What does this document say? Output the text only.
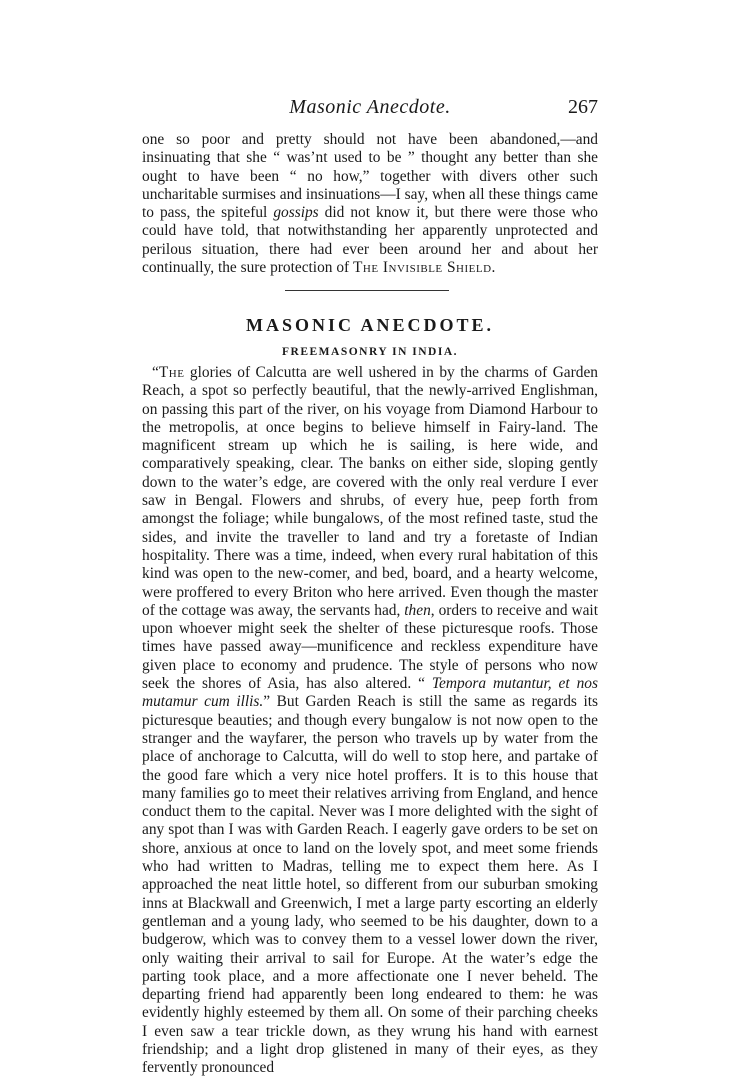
Masonic Anecdote.	267

one so poor and pretty should not have been abandoned,—and insinuating that she “ was’nt used to be ” thought any better than she ought to have been “ no how,” together with divers other such uncharitable surmises and insinuations—I say, when all these things came to pass, the spiteful gossips did not know it, but there were those who could have told, that notwithstanding her apparently unprotected and perilous situation, there had ever been around her and about her continually, the sure protection of The Invisible Shield.

MASONIC ANECDOTE.
FREEMASONRY IN INDIA.

“The glories of Calcutta are well ushered in by the charms of Garden Reach, a spot so perfectly beautiful, that the newly-arrived Englishman, on passing this part of the river, on his voyage from Diamond Harbour to the metropolis, at once begins to believe himself in Fairy-land. The magnificent stream up which he is sailing, is here wide, and comparatively speaking, clear. The banks on either side, sloping gently down to the water’s edge, are covered with the only real verdure I ever saw in Bengal. Flowers and shrubs, of every hue, peep forth from amongst the foliage; while bungalows, of the most refined taste, stud the sides, and invite the traveller to land and try a foretaste of Indian hospitality. There was a time, indeed, when every rural habitation of this kind was open to the new-comer, and bed, board, and a hearty welcome, were proffered to every Briton who here arrived. Even though the master of the cottage was away, the servants had, then, orders to receive and wait upon whoever might seek the shelter of these picturesque roofs. Those times have passed away—munificence and reckless expenditure have given place to economy and prudence. The style of persons who now seek the shores of Asia, has also altered. “ Tempora mutantur, et nos mutamur cum illis.” But Garden Reach is still the same as regards its picturesque beauties; and though every bungalow is not now open to the stranger and the wayfarer, the person who travels up by water from the place of anchorage to Calcutta, will do well to stop here, and partake of the good fare which a very nice hotel proffers. It is to this house that many families go to meet their relatives arriving from England, and hence conduct them to the capital. Never was I more delighted with the sight of any spot than I was with Garden Reach. I eagerly gave orders to be set on shore, anxious at once to land on the lovely spot, and meet some friends who had written to Madras, telling me to expect them here. As I approached the neat little hotel, so different from our suburban smoking inns at Blackwall and Greenwich, I met a large party escorting an elderly gentleman and a young lady, who seemed to be his daughter, down to a budgerow, which was to convey them to a vessel lower down the river, only waiting their arrival to sail for Europe. At the water’s edge the parting took place, and a more affectionate one I never beheld. The departing friend had apparently been long endeared to them: he was evidently highly esteemed by them all. On some of their parching cheeks I even saw a tear trickle down, as they wrung his hand with earnest friendship; and a light drop glistened in many of their eyes, as they fervently pronounced
